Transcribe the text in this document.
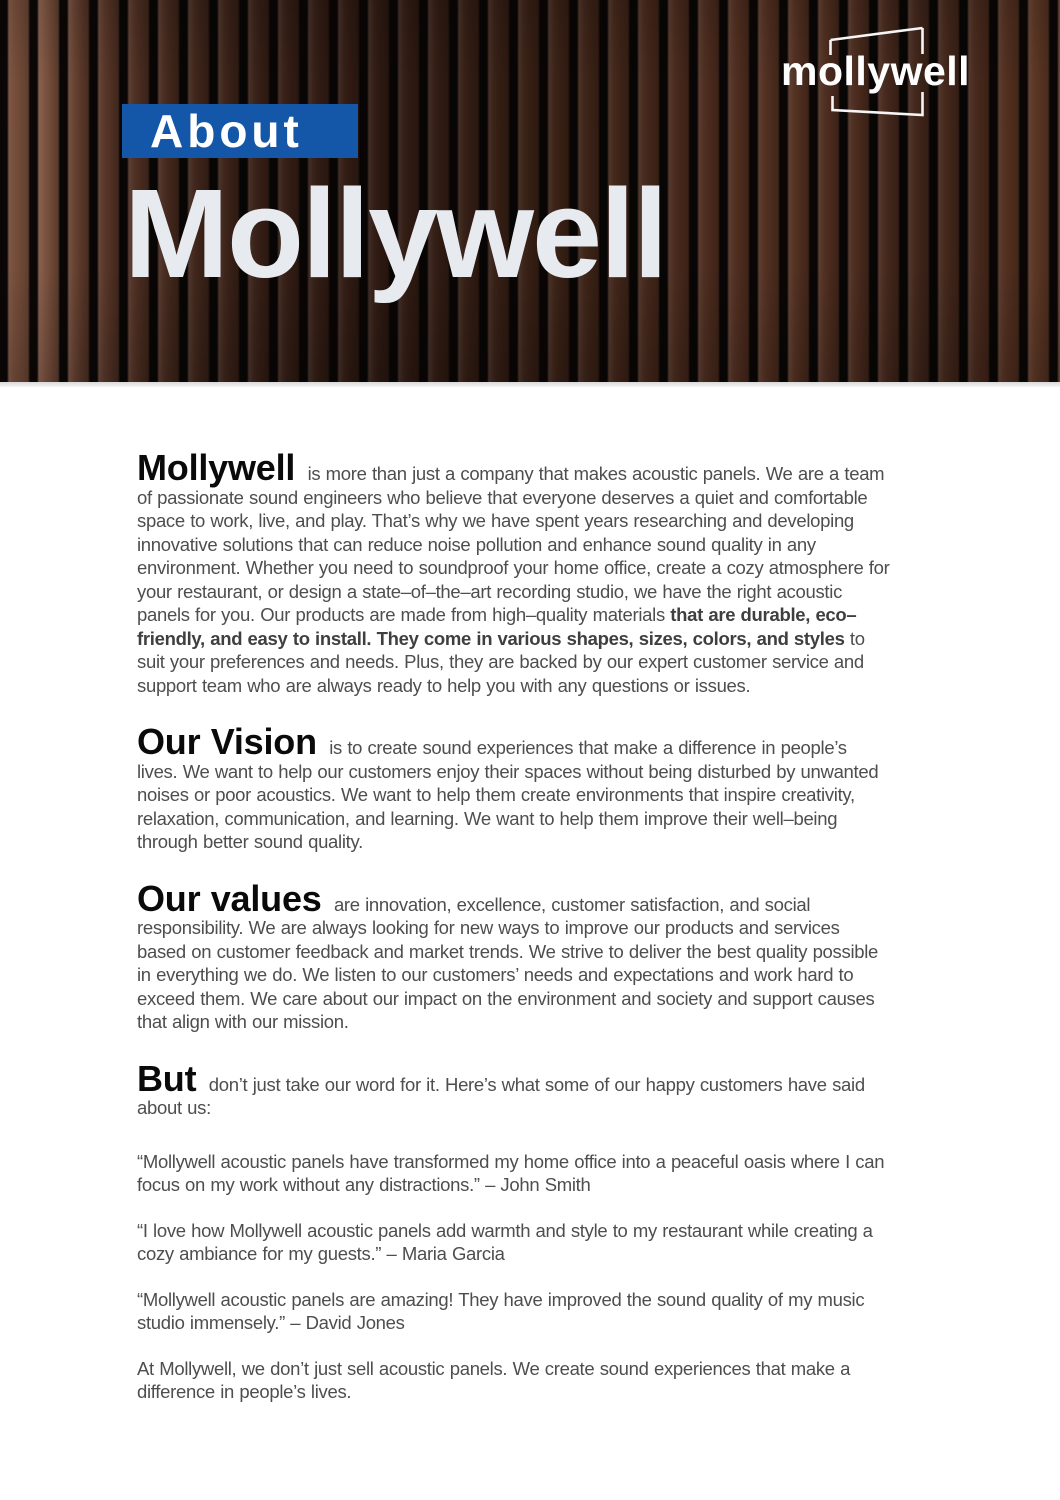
About
Mollywell
mollywell

Mollywell is more than just a company that makes acoustic panels. We are a team of passionate sound engineers who believe that everyone deserves a quiet and comfortable space to work, live, and play. That’s why we have spent years researching and developing innovative solutions that can reduce noise pollution and enhance sound quality in any environment. Whether you need to soundproof your home office, create a cozy atmosphere for your restaurant, or design a state–of–the–art recording studio, we have the right acoustic panels for you. Our products are made from high–quality materials that are durable, eco–friendly, and easy to install. They come in various shapes, sizes, colors, and styles to suit your preferences and needs. Plus, they are backed by our expert customer service and support team who are always ready to help you with any questions or issues.

Our Vision is to create sound experiences that make a difference in people’s lives. We want to help our customers enjoy their spaces without being disturbed by unwanted noises or poor acoustics. We want to help them create environments that inspire creativity, relaxation, communication, and learning. We want to help them improve their well–being through better sound quality.

Our values are innovation, excellence, customer satisfaction, and social responsibility. We are always looking for new ways to improve our products and services based on customer feedback and market trends. We strive to deliver the best quality possible in everything we do. We listen to our customers’ needs and expectations and work hard to exceed them. We care about our impact on the environment and society and support causes that align with our mission.

But don’t just take our word for it. Here’s what some of our happy customers have said about us:

“Mollywell acoustic panels have transformed my home office into a peaceful oasis where I can focus on my work without any distractions.” – John Smith

“I love how Mollywell acoustic panels add warmth and style to my restaurant while creating a cozy ambiance for my guests.” – Maria Garcia

“Mollywell acoustic panels are amazing! They have improved the sound quality of my music studio immensely.” – David Jones

At Mollywell, we don’t just sell acoustic panels. We create sound experiences that make a difference in people’s lives.
